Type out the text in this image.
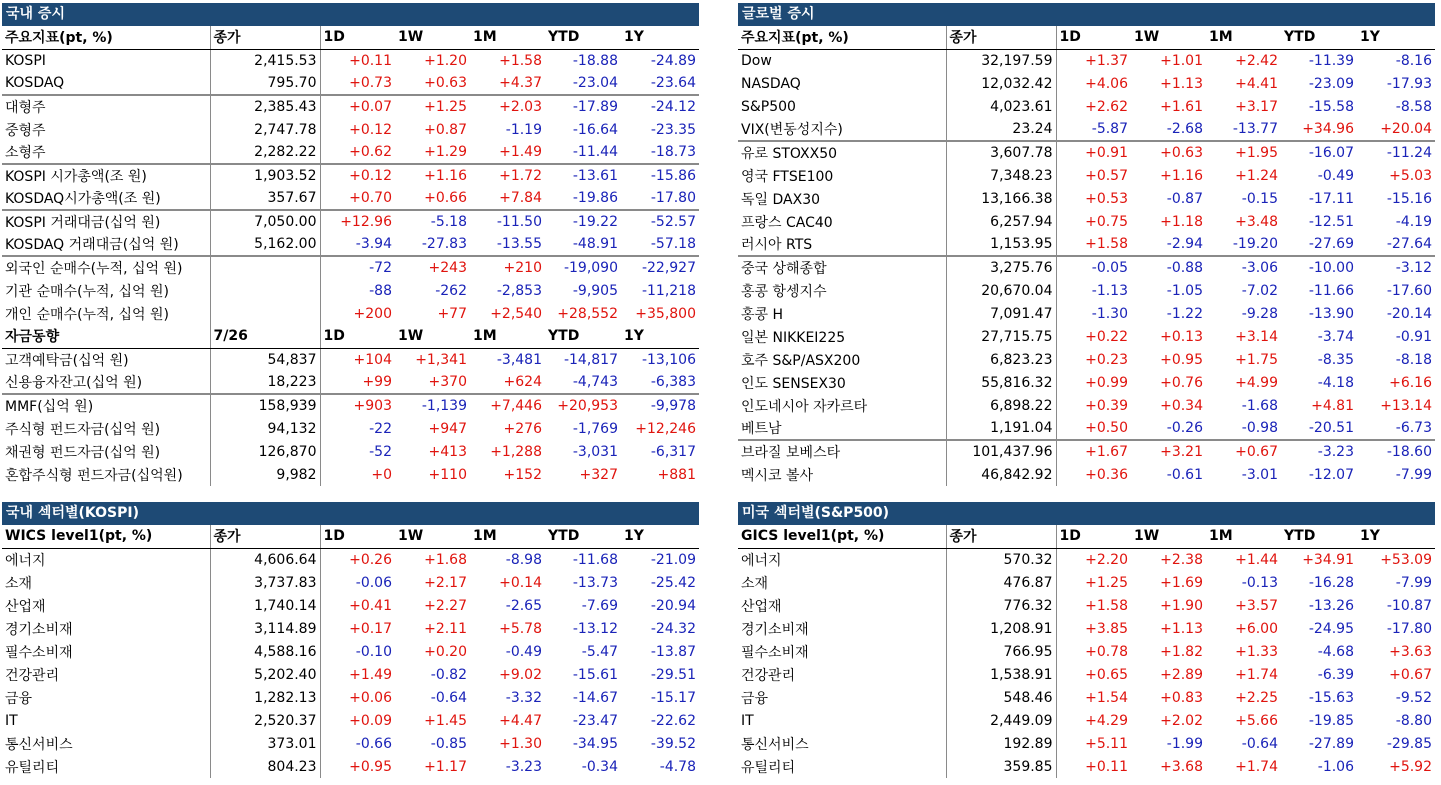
국내 증시
주요지표(pt, %)	종가	1D	1W	1M	YTD	1Y
KOSPI	2,415.53	+0.11	+1.20	+1.58	-18.88	-24.89
KOSDAQ	795.70	+0.73	+0.63	+4.37	-23.04	-23.64
대형주	2,385.43	+0.07	+1.25	+2.03	-17.89	-24.12
중형주	2,747.78	+0.12	+0.87	-1.19	-16.64	-23.35
소형주	2,282.22	+0.62	+1.29	+1.49	-11.44	-18.73
KOSPI 시가총액(조 원)	1,903.52	+0.12	+1.16	+1.72	-13.61	-15.86
KOSDAQ시가총액(조 원)	357.67	+0.70	+0.66	+7.84	-19.86	-17.80
KOSPI 거래대금(십억 원)	7,050.00	+12.96	-5.18	-11.50	-19.22	-52.57
KOSDAQ 거래대금(십억 원)	5,162.00	-3.94	-27.83	-13.55	-48.91	-57.18
외국인 순매수(누적, 십억 원)		-72	+243	+210	-19,090	-22,927
기관 순매수(누적, 십억 원)		-88	-262	-2,853	-9,905	-11,218
개인 순매수(누적, 십억 원)		+200	+77	+2,540	+28,552	+35,800
자금동향	7/26	1D	1W	1M	YTD	1Y
고객예탁금(십억 원)	54,837	+104	+1,341	-3,481	-14,817	-13,106
신용융자잔고(십억 원)	18,223	+99	+370	+624	-4,743	-6,383
MMF(십억 원)	158,939	+903	-1,139	+7,446	+20,953	-9,978
주식형 펀드자금(십억 원)	94,132	-22	+947	+276	-1,769	+12,246
채권형 펀드자금(십억 원)	126,870	-52	+413	+1,288	-3,031	-6,317
혼합주식형 펀드자금(십억원)	9,982	+0	+110	+152	+327	+881
글로벌 증시
주요지표(pt, %)	종가	1D	1W	1M	YTD	1Y
Dow	32,197.59	+1.37	+1.01	+2.42	-11.39	-8.16
NASDAQ	12,032.42	+4.06	+1.13	+4.41	-23.09	-17.93
S&P500	4,023.61	+2.62	+1.61	+3.17	-15.58	-8.58
VIX(변동성지수)	23.24	-5.87	-2.68	-13.77	+34.96	+20.04
유로 STOXX50	3,607.78	+0.91	+0.63	+1.95	-16.07	-11.24
영국 FTSE100	7,348.23	+0.57	+1.16	+1.24	-0.49	+5.03
독일 DAX30	13,166.38	+0.53	-0.87	-0.15	-17.11	-15.16
프랑스 CAC40	6,257.94	+0.75	+1.18	+3.48	-12.51	-4.19
러시아 RTS	1,153.95	+1.58	-2.94	-19.20	-27.69	-27.64
중국 상해종합	3,275.76	-0.05	-0.88	-3.06	-10.00	-3.12
홍콩 항셍지수	20,670.04	-1.13	-1.05	-7.02	-11.66	-17.60
홍콩 H	7,091.47	-1.30	-1.22	-9.28	-13.90	-20.14
일본 NIKKEI225	27,715.75	+0.22	+0.13	+3.14	-3.74	-0.91
호주 S&P/ASX200	6,823.23	+0.23	+0.95	+1.75	-8.35	-8.18
인도 SENSEX30	55,816.32	+0.99	+0.76	+4.99	-4.18	+6.16
인도네시아 자카르타	6,898.22	+0.39	+0.34	-1.68	+4.81	+13.14
베트남	1,191.04	+0.50	-0.26	-0.98	-20.51	-6.73
브라질 보베스타	101,437.96	+1.67	+3.21	+0.67	-3.23	-18.60
멕시코 볼사	46,842.92	+0.36	-0.61	-3.01	-12.07	-7.99
국내 섹터별(KOSPI)
WICS level1(pt, %)	종가	1D	1W	1M	YTD	1Y
에너지	4,606.64	+0.26	+1.68	-8.98	-11.68	-21.09
소재	3,737.83	-0.06	+2.17	+0.14	-13.73	-25.42
산업재	1,740.14	+0.41	+2.27	-2.65	-7.69	-20.94
경기소비재	3,114.89	+0.17	+2.11	+5.78	-13.12	-24.32
필수소비재	4,588.16	-0.10	+0.20	-0.49	-5.47	-13.87
건강관리	5,202.40	+1.49	-0.82	+9.02	-15.61	-29.51
금융	1,282.13	+0.06	-0.64	-3.32	-14.67	-15.17
IT	2,520.37	+0.09	+1.45	+4.47	-23.47	-22.62
통신서비스	373.01	-0.66	-0.85	+1.30	-34.95	-39.52
유틸리티	804.23	+0.95	+1.17	-3.23	-0.34	-4.78
미국 섹터별(S&P500)
GICS level1(pt, %)	종가	1D	1W	1M	YTD	1Y
에너지	570.32	+2.20	+2.38	+1.44	+34.91	+53.09
소재	476.87	+1.25	+1.69	-0.13	-16.28	-7.99
산업재	776.32	+1.58	+1.90	+3.57	-13.26	-10.87
경기소비재	1,208.91	+3.85	+1.13	+6.00	-24.95	-17.80
필수소비재	766.95	+0.78	+1.82	+1.33	-4.68	+3.63
건강관리	1,538.91	+0.65	+2.89	+1.74	-6.39	+0.67
금융	548.46	+1.54	+0.83	+2.25	-15.63	-9.52
IT	2,449.09	+4.29	+2.02	+5.66	-19.85	-8.80
통신서비스	192.89	+5.11	-1.99	-0.64	-27.89	-29.85
유틸리티	359.85	+0.11	+3.68	+1.74	-1.06	+5.92
